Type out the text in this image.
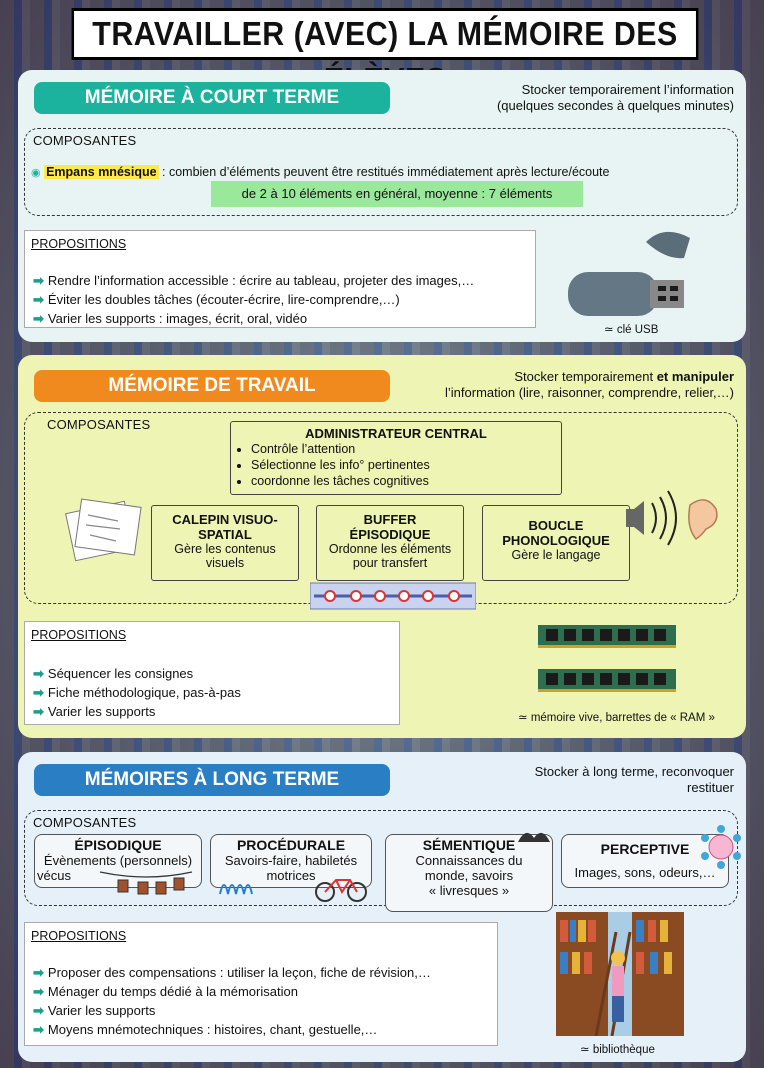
TRAVAILLER (AVEC) LA MÉMOIRE DES
MÉMOIRE À COURT TERME	Stocker temporairement l’information
(quelques secondes à quelques minutes)
COMPOSANTES
◉ Empans mnésique : combien d’éléments peuvent être restitués immédiatement après lecture/écoute
de 2 à 10 éléments en général, moyenne : 7 éléments
PROPOSITIONS
➡ Rendre l’information accessible : écrire au tableau, projeter des images,…
➡ Éviter les doubles tâches (écouter-écrire, lire-comprendre,…)
➡ Varier les supports : images, écrit, oral, vidéo
≃ clé USB
MÉMOIRE DE TRAVAIL	Stocker temporairement et manipuler
l’information (lire, raisonner, comprendre, relier,…)
COMPOSANTES
ADMINISTRATEUR CENTRAL
• Contrôle l’attention
• Sélectionne les info° pertinentes
• coordonne les tâches cognitives
CALEPIN VISUO-
SPATIAL
Gère les contenus
visuels
BUFFER
ÉPISODIQUE
Ordonne les éléments
pour transfert
BOUCLE
PHONOLOGIQUE
Gère le langage
PROPOSITIONS
➡ Séquencer les consignes
➡ Fiche méthodologique, pas-à-pas
➡ Varier les supports	≃ mémoire vive, barrettes de « RAM »
MÉMOIRES À LONG TERME	Stocker à long terme, reconvoquer
restituer
COMPOSANTES
ÉPISODIQUE
Évènements (personnels)
vécus
PROCÉDURALE
Savoirs-faire, habiletés
motrices
SÉMENTIQUE
Connaissances du
monde, savoirs
« livresques »
PERCEPTIVE
Images, sons, odeurs,…
PROPOSITIONS
➡ Proposer des compensations : utiliser la leçon, fiche de révision,…
➡ Ménager du temps dédié à la mémorisation
➡ Varier les supports
➡ Moyens mnémotechniques : histoires, chant, gestuelle,…
≃ bibliothèque
